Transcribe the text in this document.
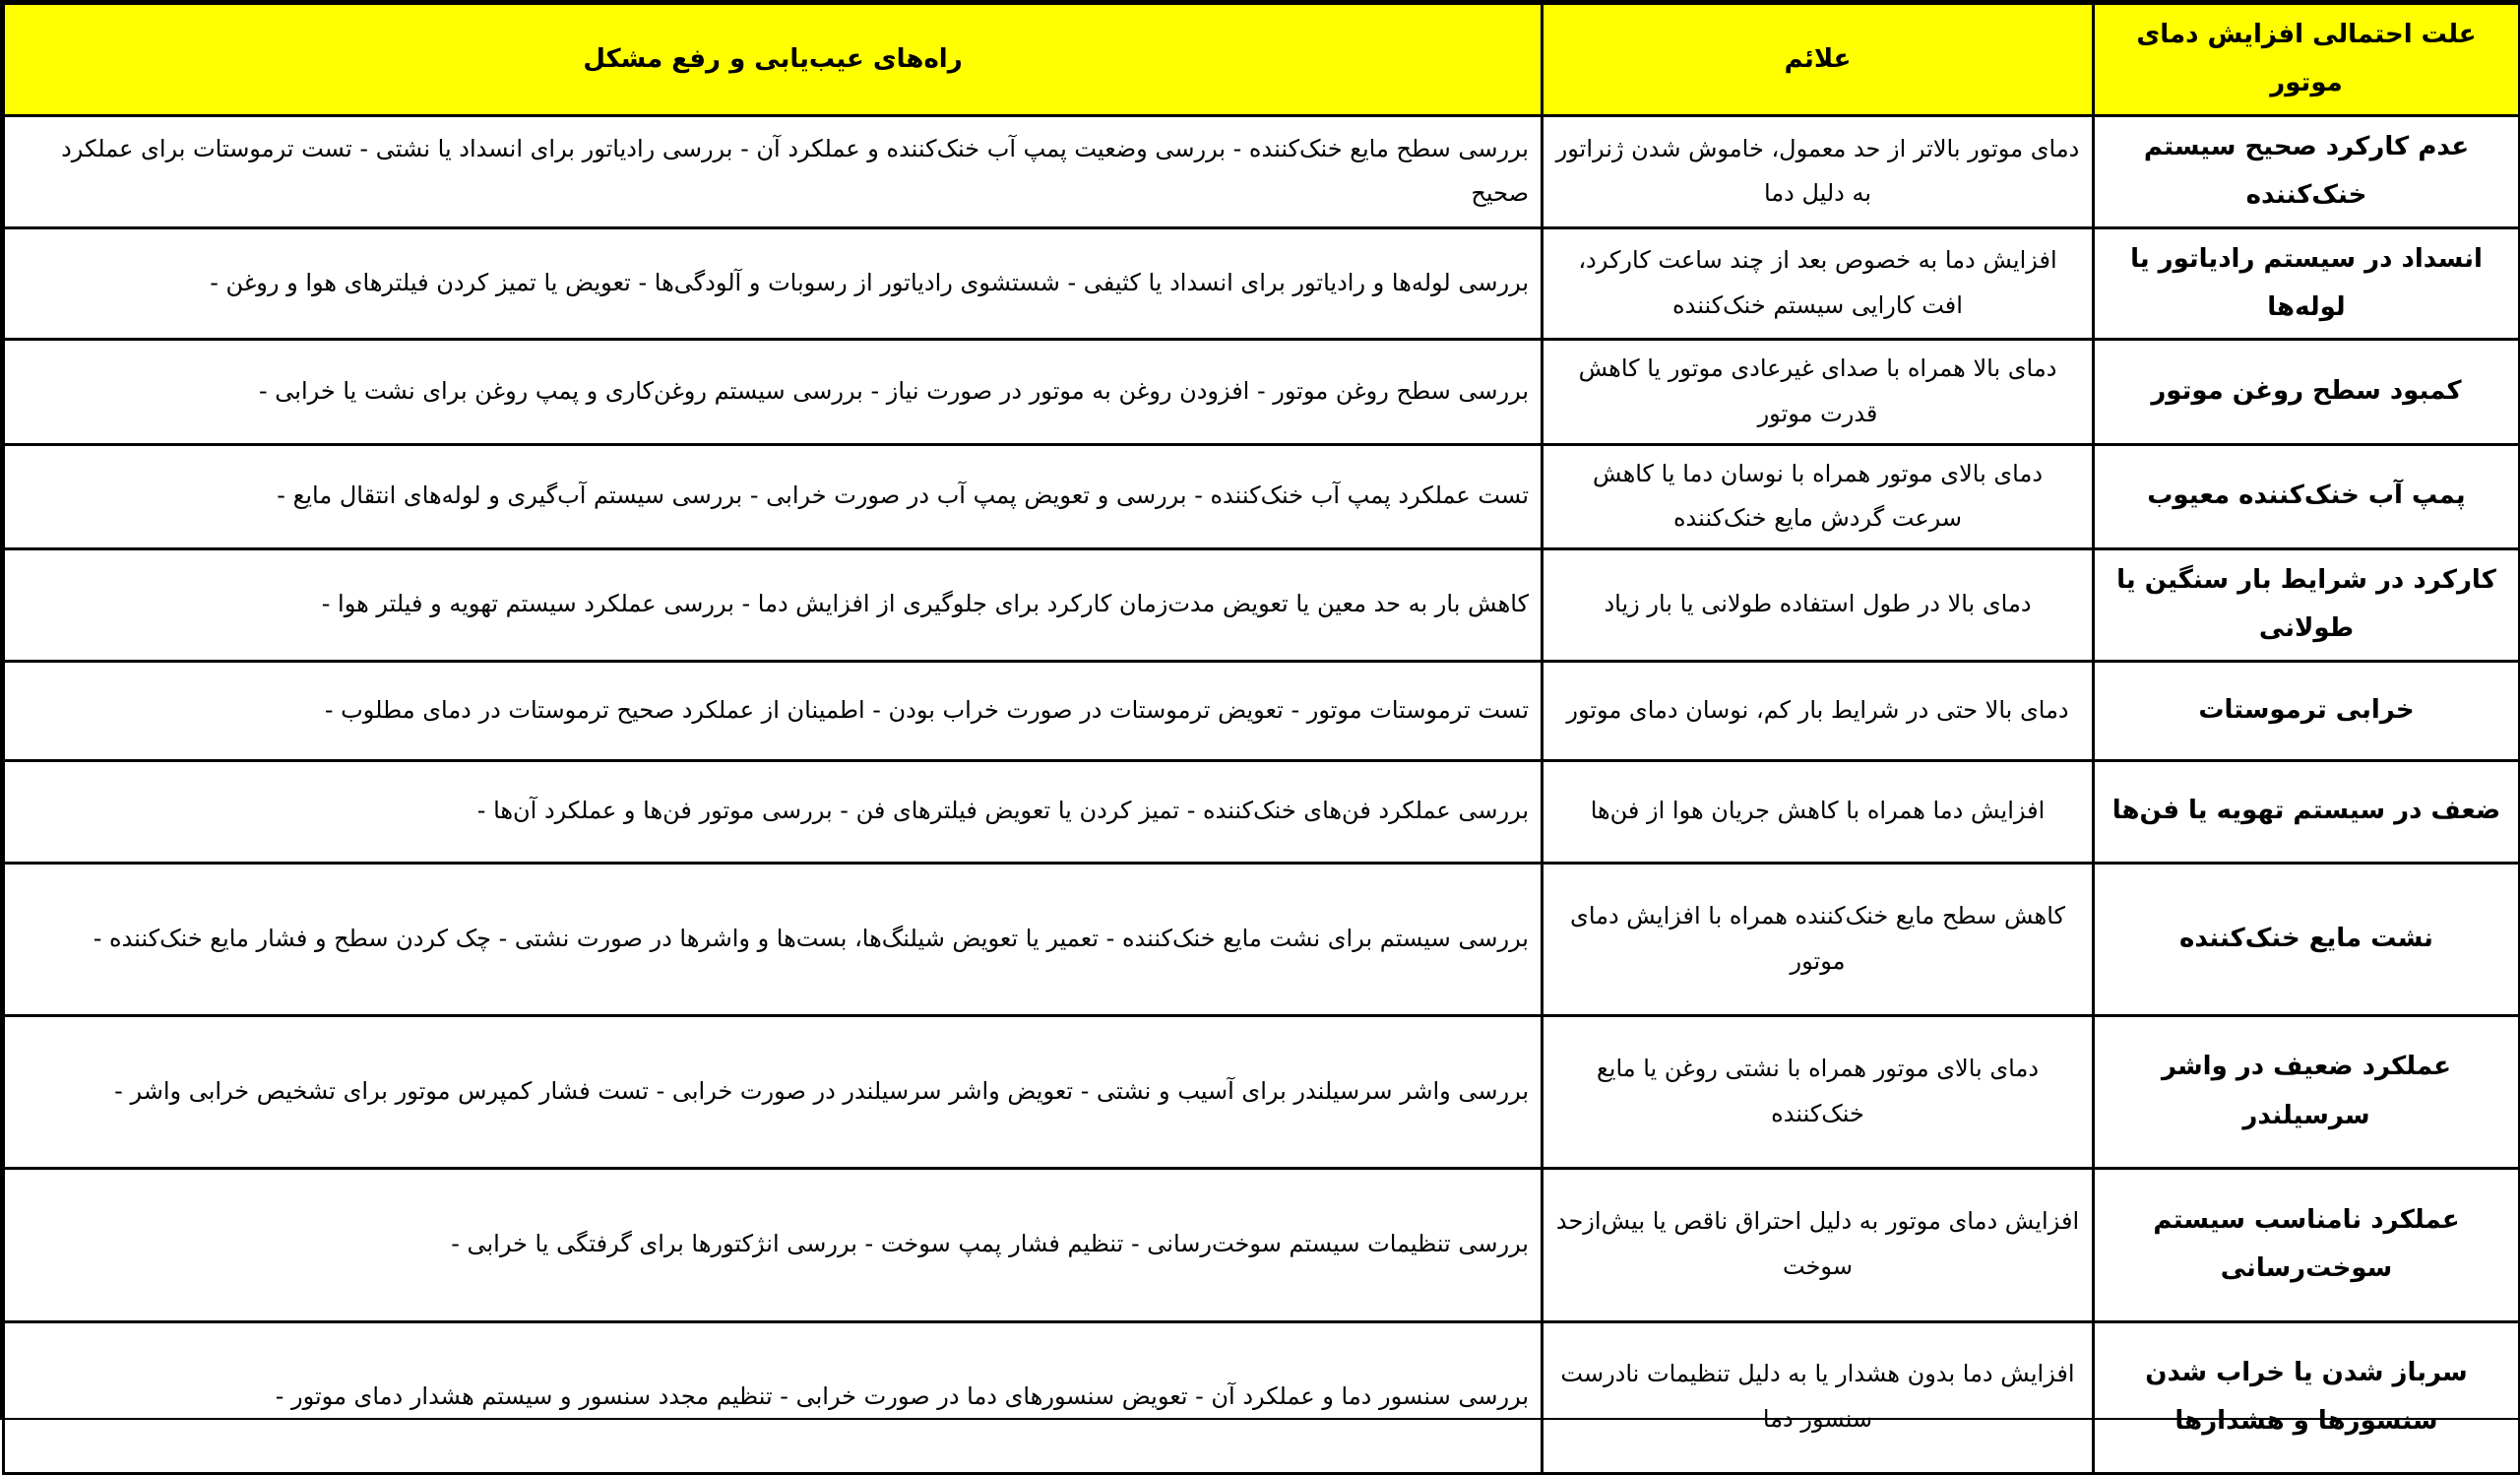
علت احتمالی افزایش دمای موتور	علائم	راه‌های عیب‌یابی و رفع مشکل
عدم کارکرد صحیح سیستم خنک‌کننده	دمای موتور بالاتر از حد معمول، خاموش شدن ژنراتور به دلیل دما	بررسی سطح مایع خنک‌کننده - بررسی وضعیت پمپ آب خنک‌کننده و عملکرد آن - بررسی رادیاتور برای انسداد یا نشتی - تست ترموستات برای عملکرد صحیح
انسداد در سیستم رادیاتور یا لوله‌ها	افزایش دما به خصوص بعد از چند ساعت کارکرد، افت کارایی سیستم خنک‌کننده	بررسی لوله‌ها و رادیاتور برای انسداد یا کثیفی - شستشوی رادیاتور از رسوبات و آلودگی‌ها - تعویض یا تمیز کردن فیلترهای هوا و روغن -
کمبود سطح روغن موتور	دمای بالا همراه با صدای غیرعادی موتور یا کاهش قدرت موتور	بررسی سطح روغن موتور - افزودن روغن به موتور در صورت نیاز - بررسی سیستم روغن‌کاری و پمپ روغن برای نشت یا خرابی -
پمپ آب خنک‌کننده معیوب	دمای بالای موتور همراه با نوسان دما یا کاهش سرعت گردش مایع خنک‌کننده	تست عملکرد پمپ آب خنک‌کننده - بررسی و تعویض پمپ آب در صورت خرابی - بررسی سیستم آب‌گیری و لوله‌های انتقال مایع -
کارکرد در شرایط بار سنگین یا طولانی	دمای بالا در طول استفاده طولانی یا بار زیاد	کاهش بار به حد معین یا تعویض مدت‌زمان کارکرد برای جلوگیری از افزایش دما - بررسی عملکرد سیستم تهویه و فیلتر هوا -
خرابی ترموستات	دمای بالا حتی در شرایط بار کم، نوسان دمای موتور	تست ترموستات موتور - تعویض ترموستات در صورت خراب بودن - اطمینان از عملکرد صحیح ترموستات در دمای مطلوب -
ضعف در سیستم تهویه یا فن‌ها	افزایش دما همراه با کاهش جریان هوا از فن‌ها	بررسی عملکرد فن‌های خنک‌کننده - تمیز کردن یا تعویض فیلترهای فن - بررسی موتور فن‌ها و عملکرد آن‌ها -
نشت مایع خنک‌کننده	کاهش سطح مایع خنک‌کننده همراه با افزایش دمای موتور	بررسی سیستم برای نشت مایع خنک‌کننده - تعمیر یا تعویض شیلنگ‌ها، بست‌ها و واشرها در صورت نشتی - چک کردن سطح و فشار مایع خنک‌کننده -
عملکرد ضعیف در واشر سرسیلندر	دمای بالای موتور همراه با نشتی روغن یا مایع خنک‌کننده	بررسی واشر سرسیلندر برای آسیب و نشتی - تعویض واشر سرسیلندر در صورت خرابی - تست فشار کمپرس موتور برای تشخیص خرابی واشر -
عملکرد نامناسب سیستم سوخت‌رسانی	افزایش دمای موتور به دلیل احتراق ناقص یا بیش‌ازحد سوخت	بررسی تنظیمات سیستم سوخت‌رسانی - تنظیم فشار پمپ سوخت - بررسی انژکتورها برای گرفتگی یا خرابی -
سرباز شدن یا خراب شدن سنسورها و هشدارها	افزایش دما بدون هشدار یا به دلیل تنظیمات نادرست سنسور دما	بررسی سنسور دما و عملکرد آن - تعویض سنسورهای دما در صورت خرابی - تنظیم مجدد سنسور و سیستم هشدار دمای موتور -
